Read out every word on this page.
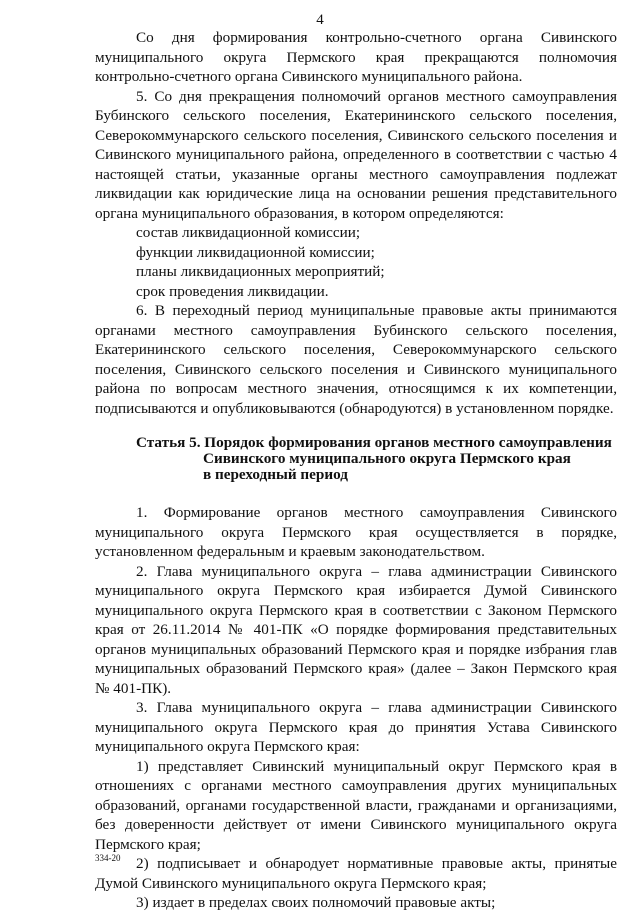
4

Со дня формирования контрольно-счетного органа Сивинского муниципального округа Пермского края прекращаются полномочия контрольно-счетного органа Сивинского муниципального района.

5. Со дня прекращения полномочий органов местного самоуправления Бубинского сельского поселения, Екатерининского сельского поселения, Северокоммунарского сельского поселения, Сивинского сельского поселения и Сивинского муниципального района, определенного в соответствии с частью 4 настоящей статьи, указанные органы местного самоуправления подлежат ликвидации как юридические лица на основании решения представительного органа муниципального образования, в котором определяются:

состав ликвидационной комиссии;

функции ликвидационной комиссии;

планы ликвидационных мероприятий;

срок проведения ликвидации.

6. В переходный период муниципальные правовые акты принимаются органами местного самоуправления Бубинского сельского поселения, Екатерининского сельского поселения, Северокоммунарского сельского поселения, Сивинского сельского поселения и Сивинского муниципального района по вопросам местного значения, относящимся к их компетенции, подписываются и опубликовываются (обнародуются) в установленном порядке.

Статья 5. Порядок формирования органов местного самоуправления
Сивинского муниципального округа Пермского края
в переходный период

1. Формирование органов местного самоуправления Сивинского муниципального округа Пермского края осуществляется в порядке, установленном федеральным и краевым законодательством.

2. Глава муниципального округа – глава администрации Сивинского муниципального округа Пермского края избирается Думой Сивинского муниципального округа Пермского края в соответствии с Законом Пермского края от 26.11.2014 № 401-ПК «О порядке формирования представительных органов муниципальных образований Пермского края и порядке избрания глав муниципальных образований Пермского края» (далее – Закон Пермского края № 401-ПК).

3. Глава муниципального округа – глава администрации Сивинского муниципального округа Пермского края до принятия Устава Сивинского муниципального округа Пермского края:

1) представляет Сивинский муниципальный округ Пермского края в отношениях с органами местного самоуправления других муниципальных образований, органами государственной власти, гражданами и организациями, без доверенности действует от имени Сивинского муниципального округа Пермского края;

2) подписывает и обнародует нормативные правовые акты, принятые Думой Сивинского муниципального округа Пермского края;

3) издает в пределах своих полномочий правовые акты;

334-20
